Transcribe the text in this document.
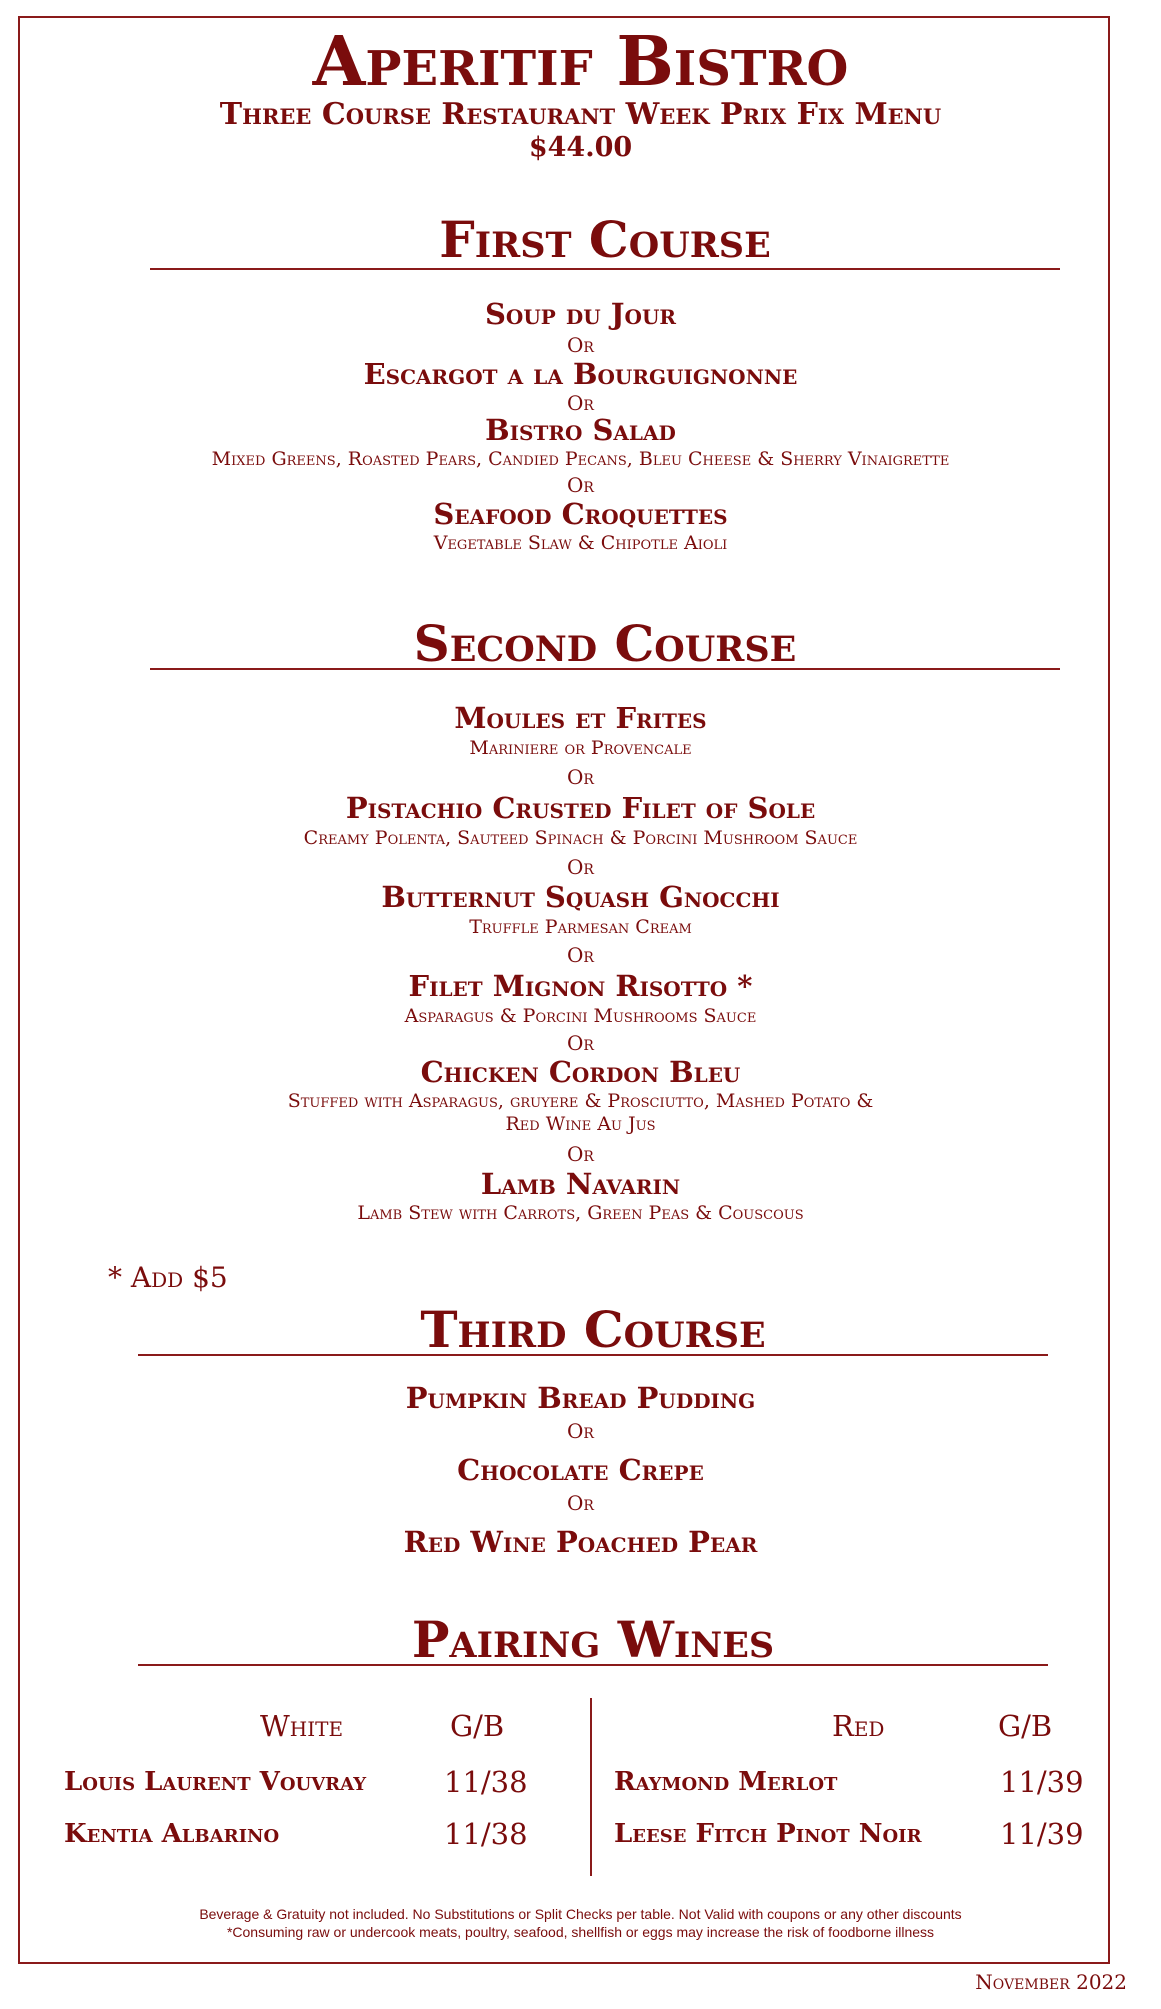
Aperitif Bistro
Three Course Restaurant Week Prix Fix Menu
$44.00
First Course
Soup du Jour
Or
Escargot a la Bourguignonne
Or
Bistro Salad
Mixed Greens, Roasted Pears, Candied Pecans, Bleu Cheese & Sherry Vinaigrette
Or
Seafood Croquettes
Vegetable Slaw & Chipotle Aioli
Second Course
Moules et Frites
Mariniere or Provencale
Or
Pistachio Crusted Filet of Sole
Creamy Polenta, Sauteed Spinach & Porcini Mushroom Sauce
Or
Butternut Squash Gnocchi
Truffle Parmesan Cream
Or
Filet Mignon Risotto *
Asparagus & Porcini Mushrooms Sauce
Or
Chicken Cordon Bleu
Stuffed with Asparagus, gruyere & Prosciutto, Mashed Potato &
Red Wine Au Jus
Or
Lamb Navarin
Lamb Stew with Carrots, Green Peas & Couscous
* Add $5
Third Course
Pumpkin Bread Pudding
Or
Chocolate Crepe
Or
Red Wine Poached Pear
Pairing Wines
White	G/B	Red	G/B
Louis Laurent Vouvray	11/38
Kentia Albarino	11/38
Raymond Merlot	11/39
Leese Fitch Pinot Noir	11/39
Beverage & Gratuity not included. No Substitutions or Split Checks per table. Not Valid with coupons or any other discounts
*Consuming raw or undercook meats, poultry, seafood, shellfish or eggs may increase the risk of foodborne illness
November 2022
